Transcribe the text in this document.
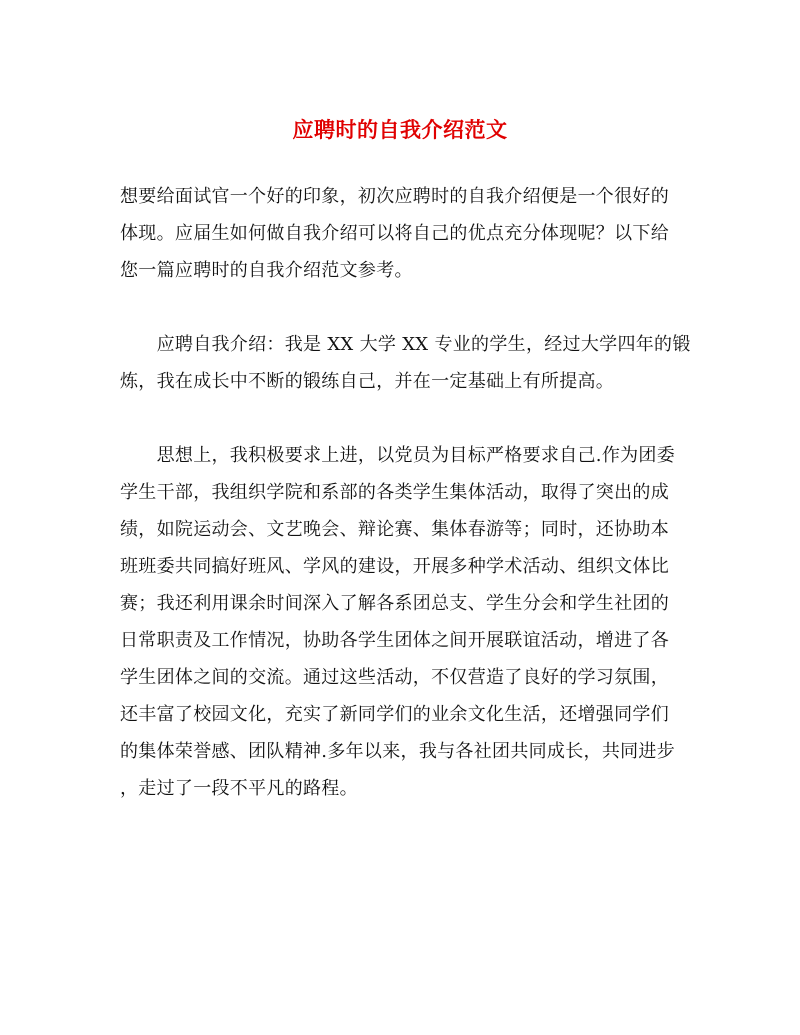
应聘时的自我介绍范文
想要给面试官一个好的印象，初次应聘时的自我介绍便是一个很好的
体现。应届生如何做自我介绍可以将自己的优点充分体现呢？以下给
您一篇应聘时的自我介绍范文参考。
　　应聘自我介绍：我是 XX 大学 XX 专业的学生，经过大学四年的锻
炼，我在成长中不断的锻练自己，并在一定基础上有所提高。
　　思想上，我积极要求上进，以党员为目标严格要求自己.作为团委
学生干部，我组织学院和系部的各类学生集体活动，取得了突出的成
绩，如院运动会、文艺晚会、辩论赛、集体春游等；同时，还协助本
班班委共同搞好班风、学风的建设，开展多种学术活动、组织文体比
赛；我还利用课余时间深入了解各系团总支、学生分会和学生社团的
日常职责及工作情况，协助各学生团体之间开展联谊活动，增进了各
学生团体之间的交流。通过这些活动，不仅营造了良好的学习氛围，
还丰富了校园文化，充实了新同学们的业余文化生活，还增强同学们
的集体荣誉感、团队精神.多年以来，我与各社团共同成长，共同进步
，走过了一段不平凡的路程。
